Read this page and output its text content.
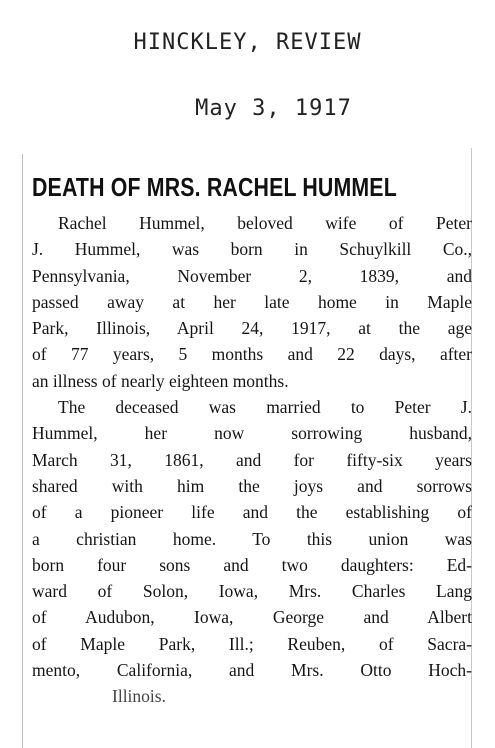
HINCKLEY, REVIEW
May 3, 1917
DEATH OF MRS. RACHEL HUMMEL
Rachel Hummel, beloved wife of Peter
J. Hummel, was born in Schuylkill Co.,
Pennsylvania, November 2, 1839, and
passed away at her late home in Maple
Park, Illinois, April 24, 1917, at the age
of 77 years, 5 months and 22 days, after
an illness of nearly eighteen months.
The deceased was married to Peter J.
Hummel, her now sorrowing husband,
March 31, 1861, and for fifty-six years
shared with him the joys and sorrows
of a pioneer life and the establishing of
a christian home. To this union was
born four sons and two daughters: Ed-
ward of Solon, Iowa, Mrs. Charles Lang
of Audubon, Iowa, George and Albert
of Maple Park, Ill.; Reuben, of Sacra-
mento, California, and Mrs. Otto Hoch-
Illinois.
